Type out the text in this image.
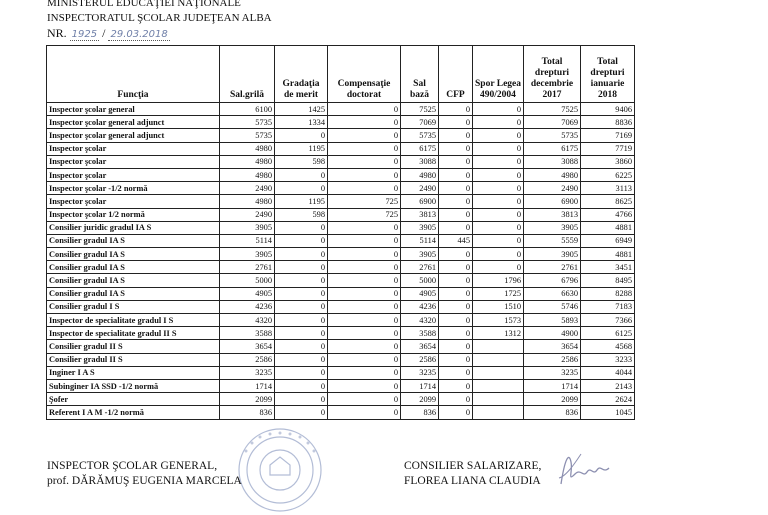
MINISTERUL EDUCAŢIEI NAŢIONALE
INSPECTORATUL ŞCOLAR JUDEŢEAN ALBA
NR. 1925 / 29.03.2018
Funcţia	Sal.grilă	Gradaţia de merit	Compensaţie doctorat	Sal bază	CFP	Spor Legea 490/2004	Total drepturi decembrie 2017	Total drepturi ianuarie 2018
Inspector şcolar general	6100	1425	0	7525	0	0	7525	9406
Inspector şcolar general adjunct	5735	1334	0	7069	0	0	7069	8836
Inspector şcolar general adjunct	5735	0	0	5735	0	0	5735	7169
Inspector şcolar	4980	1195	0	6175	0	0	6175	7719
Inspector şcolar	4980	598	0	3088	0	0	3088	3860
Inspector şcolar	4980	0	0	4980	0	0	4980	6225
Inspector şcolar -1/2 normă	2490	0	0	2490	0	0	2490	3113
Inspector şcolar	4980	1195	725	6900	0	0	6900	8625
Inspector şcolar 1/2 normă	2490	598	725	3813	0	0	3813	4766
Consilier juridic gradul IA S	3905	0	0	3905	0	0	3905	4881
Consilier gradul IA S	5114	0	0	5114	445	0	5559	6949
Consilier gradul IA S	3905	0	0	3905	0	0	3905	4881
Consilier gradul IA S	2761	0	0	2761	0	0	2761	3451
Consilier gradul IA S	5000	0	0	5000	0	1796	6796	8495
Consilier gradul IA S	4905	0	0	4905	0	1725	6630	8288
Consilier gradul I S	4236	0	0	4236	0	1510	5746	7183
Inspector de specialitate gradul I S	4320	0	0	4320	0	1573	5893	7366
Inspector de specialitate gradul II S	3588	0	0	3588	0	1312	4900	6125
Consilier gradul II S	3654	0	0	3654	0		3654	4568
Consilier gradul II S	2586	0	0	2586	0		2586	3233
Inginer I A S	3235	0	0	3235	0		3235	4044
Subinginer IA SSD -1/2 normă	1714	0	0	1714	0		1714	2143
Şofer	2099	0	0	2099	0		2099	2624
Referent I A M -1/2 normă	836	0	0	836	0		836	1045
INSPECTOR ŞCOLAR GENERAL,
prof. DĂRĂMUŞ EUGENIA MARCELA
CONSILIER SALARIZARE,
FLOREA LIANA CLAUDIA
